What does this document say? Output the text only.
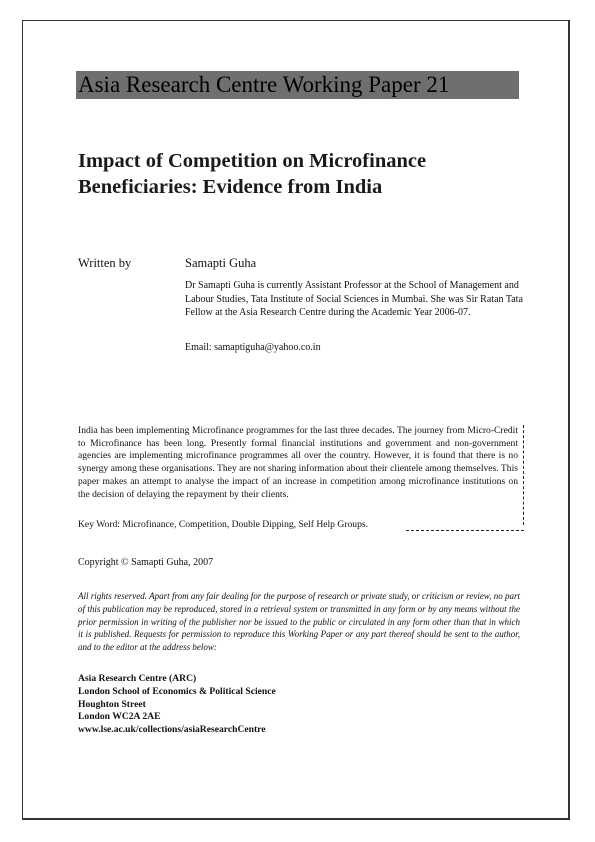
Asia Research Centre Working Paper 21
Impact of Competition on Microfinance Beneficiaries: Evidence from India
Written by	Samapti Guha
Dr Samapti Guha is currently Assistant Professor at the School of Management and Labour Studies, Tata Institute of Social Sciences in Mumbai. She was Sir Ratan Tata Fellow at the Asia Research Centre during the Academic Year 2006-07.
Email: samaptiguha@yahoo.co.in

India has been implementing Microfinance programmes for the last three decades. The journey from Micro-Credit to Microfinance has been long. Presently formal financial institutions and government and non-government agencies are implementing microfinance programmes all over the country. However, it is found that there is no synergy among these organisations. They are not sharing information about their clientele among themselves. This paper makes an attempt to analyse the impact of an increase in competition among microfinance institutions on the decision of delaying the repayment by their clients.

Key Word: Microfinance, Competition, Double Dipping, Self Help Groups.
Copyright © Samapti Guha, 2007

All rights reserved. Apart from any fair dealing for the purpose of research or private study, or criticism or review, no part of this publication may be reproduced, stored in a retrieval system or transmitted in any form or by any means without the prior permission in writing of the publisher nor be issued to the public or circulated in any form other than that in which it is published. Requests for permission to reproduce this Working Paper or any part thereof should be sent to the author, and to the editor at the address below:

Asia Research Centre (ARC)
London School of Economics & Political Science
Houghton Street
London WC2A 2AE
www.lse.ac.uk/collections/asiaResearchCentre
